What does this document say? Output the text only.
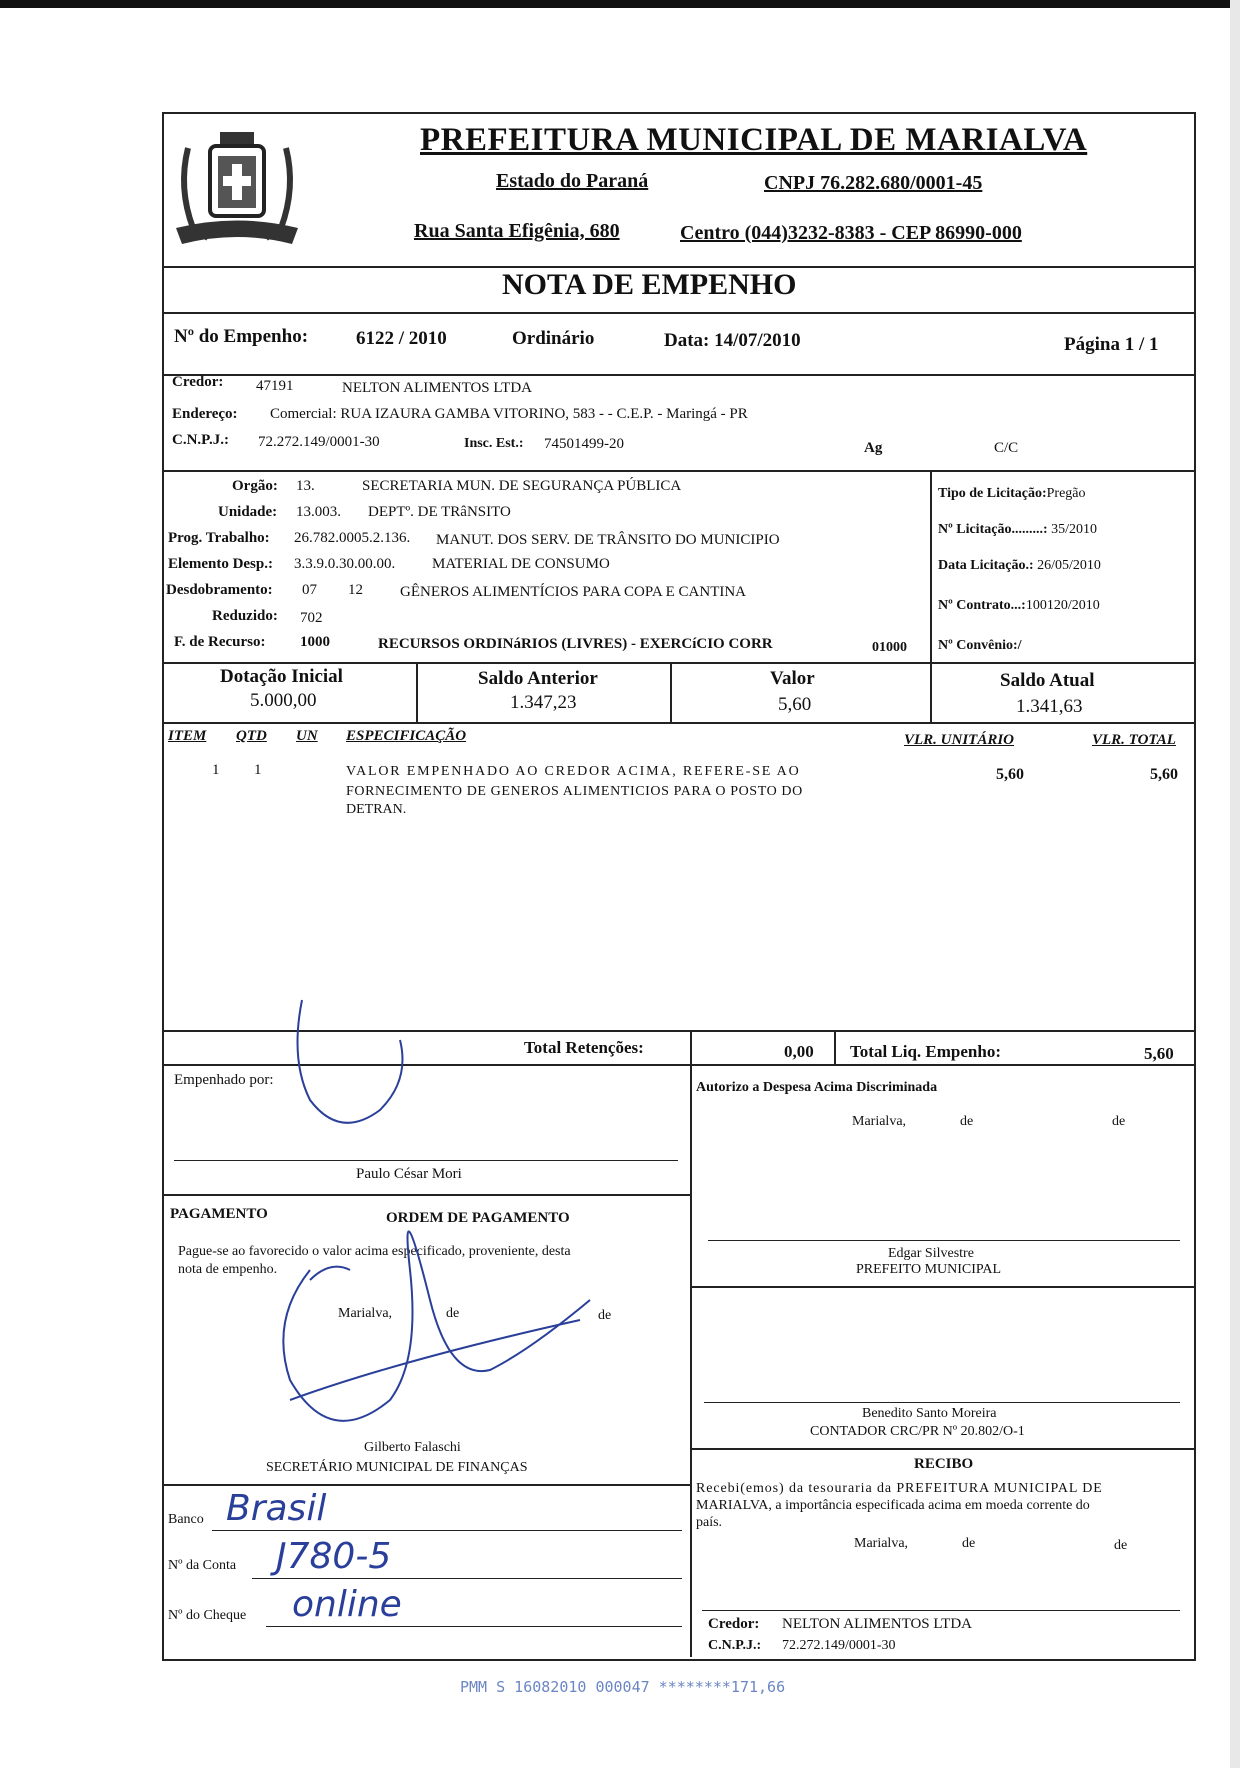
PREFEITURA MUNICIPAL DE MARIALVA
Estado do Paraná	CNPJ 76.282.680/0001-45
Rua Santa Efigênia, 680	Centro (044)3232-8383 - CEP 86990-000
NOTA DE EMPENHO
Nº do Empenho:	6122 / 2010	Ordinário	Data: 14/07/2010	Página 1 / 1
Credor: 47191	NELTON ALIMENTOS LTDA
Endereço: Comercial: RUA IZAURA GAMBA VITORINO, 583 - - C.E.P. - Maringá - PR
C.N.P.J.: 72.272.149/0001-30	Insc. Est.: 74501499-20	Ag	C/C
Orgão: 13.	SECRETARIA MUN. DE SEGURANÇA PÚBLICA
Unidade: 13.003. DEPTº. DE TRâNSITO
Prog. Trabalho: 26.782.0005.2.136. MANUT. DOS SERV. DE TRÂNSITO DO MUNICIPIO
Elemento Desp.: 3.3.9.0.30.00.00. MATERIAL DE CONSUMO
Desdobramento: 07 12 GÊNEROS ALIMENTÍCIOS PARA COPA E CANTINA
Reduzido: 702
F. de Recurso: 1000	RECURSOS ORDINáRIOS (LIVRES) - EXERCíCIO CORR	01000
Tipo de Licitação:Pregão
Nº Licitação.........: 35/2010
Data Licitação.: 26/05/2010
Nº Contrato...:100120/2010
Nº Convênio:/
Dotação Inicial
5.000,00
Saldo Anterior
1.347,23
Valor
5,60
Saldo Atual
1.341,63
ITEM QTD UN ESPECIFICAÇÃO	VLR. UNITÁRIO	VLR. TOTAL
1 1	VALOR EMPENHADO AO CREDOR ACIMA, REFERE-SE AO
FORNECIMENTO DE GENEROS ALIMENTICIOS PARA O POSTO DO
DETRAN.
5,60	5,60
Total Retenções:	0,00 Total Liq. Empenho:	5,60
Empenhado por:
Paulo César Mori
Autorizo a Despesa Acima Discriminada
Marialva,	de	de
Edgar Silvestre
PREFEITO MUNICIPAL
Benedito Santo Moreira
CONTADOR CRC/PR Nº 20.802/O-1
PAGAMENTO	ORDEM DE PAGAMENTO
Pague-se ao favorecido o valor acima especificado, proveniente, desta
nota de empenho.
Marialva,	de	de
Gilberto Falaschi
SECRETÁRIO MUNICIPAL DE FINANÇAS
Banco Brasil
Nº da Conta J780-5
Nº do Cheque online
RECIBO
Recebi(emos) da tesouraria da PREFEITURA MUNICIPAL DE
MARIALVA, a importância especificada acima em moeda corrente do
país.
Marialva,	de	de
Credor: NELTON ALIMENTOS LTDA
C.N.P.J.: 72.272.149/0001-30
PMM S 16082010 000047 ********171,66
